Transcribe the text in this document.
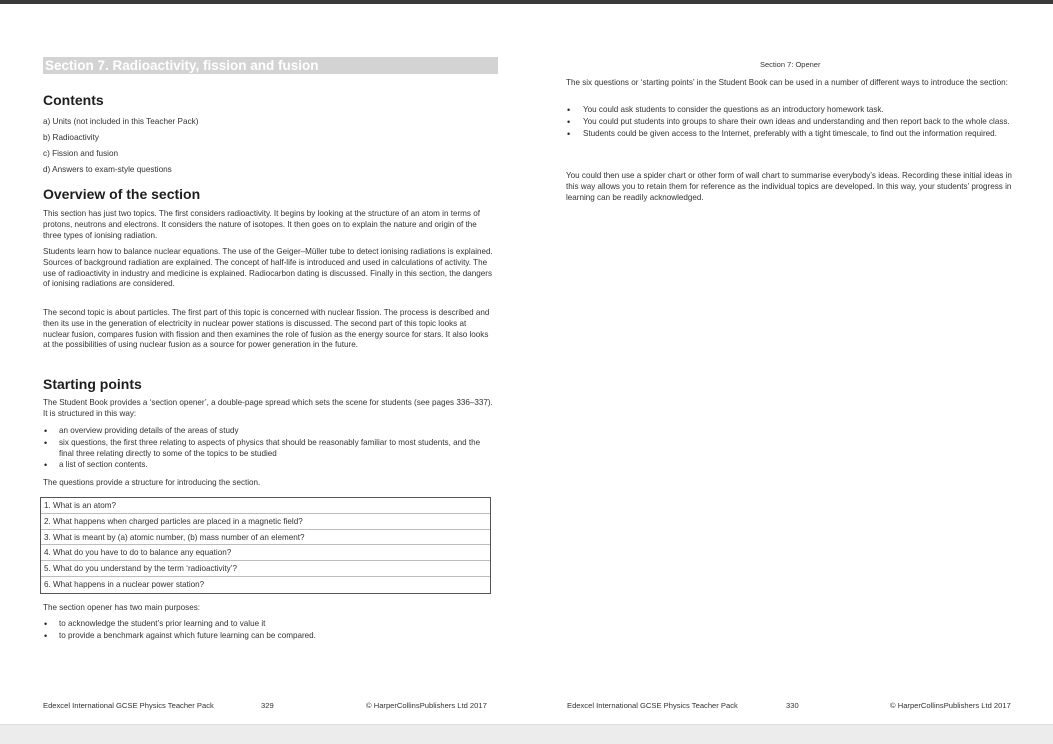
Section 7. Radioactivity, fission and fusion
Contents
a) Units (not included in this Teacher Pack)
b) Radioactivity
c) Fission and fusion
d) Answers to exam-style questions
Overview of the section

This section has just two topics. The first considers radioactivity. It begins by looking at the structure of an atom in terms of protons, neutrons and electrons. It considers the nature of isotopes. It then goes on to explain the nature and origin of the three types of ionising radiation.

Students learn how to balance nuclear equations. The use of the Geiger–Müller tube to detect ionising radiations is explained. Sources of background radiation are explained. The concept of half-life is introduced and used in calculations of activity. The use of radioactivity in industry and medicine is explained. Radiocarbon dating is discussed. Finally in this section, the dangers of ionising radiations are considered.

The second topic is about particles. The first part of this topic is concerned with nuclear fission. The process is described and then its use in the generation of electricity in nuclear power stations is discussed. The second part of this topic looks at nuclear fusion, compares fusion with fission and then examines the role of fusion as the energy source for stars. It also looks at the possibilities of using nuclear fusion as a source for power generation in the future.

Starting points

The Student Book provides a ‘section opener’, a double-page spread which sets the scene for students (see pages 336–337). It is structured in this way:

• an overview providing details of the areas of study
• six questions, the first three relating to aspects of physics that should be reasonably familiar to most students, and the final three relating directly to some of the topics to be studied
• a list of section contents.

The questions provide a structure for introducing the section.

1. What is an atom?
2. What happens when charged particles are placed in a magnetic field?
3. What is meant by (a) atomic number, (b) mass number of an element?
4. What do you have to do to balance any equation?
5. What do you understand by the term ‘radioactivity’?
6. What happens in a nuclear power station?

The section opener has two main purposes:

• to acknowledge the student’s prior learning and to value it
• to provide a benchmark against which future learning can be compared.
Edexcel International GCSE Physics Teacher Pack	329	© HarperCollinsPublishers Ltd 2017
Section 7: Opener

The six questions or ‘starting points’ in the Student Book can be used in a number of different ways to introduce the section:

• You could ask students to consider the questions as an introductory homework task.
• You could put students into groups to share their own ideas and understanding and then report back to the whole class.
• Students could be given access to the Internet, preferably with a tight timescale, to find out the information required.

You could then use a spider chart or other form of wall chart to summarise everybody’s ideas. Recording these initial ideas in this way allows you to retain them for reference as the individual topics are developed. In this way, your students’ progress in learning can be readily acknowledged.

Edexcel International GCSE Physics Teacher Pack	330	© HarperCollinsPublishers Ltd 2017
